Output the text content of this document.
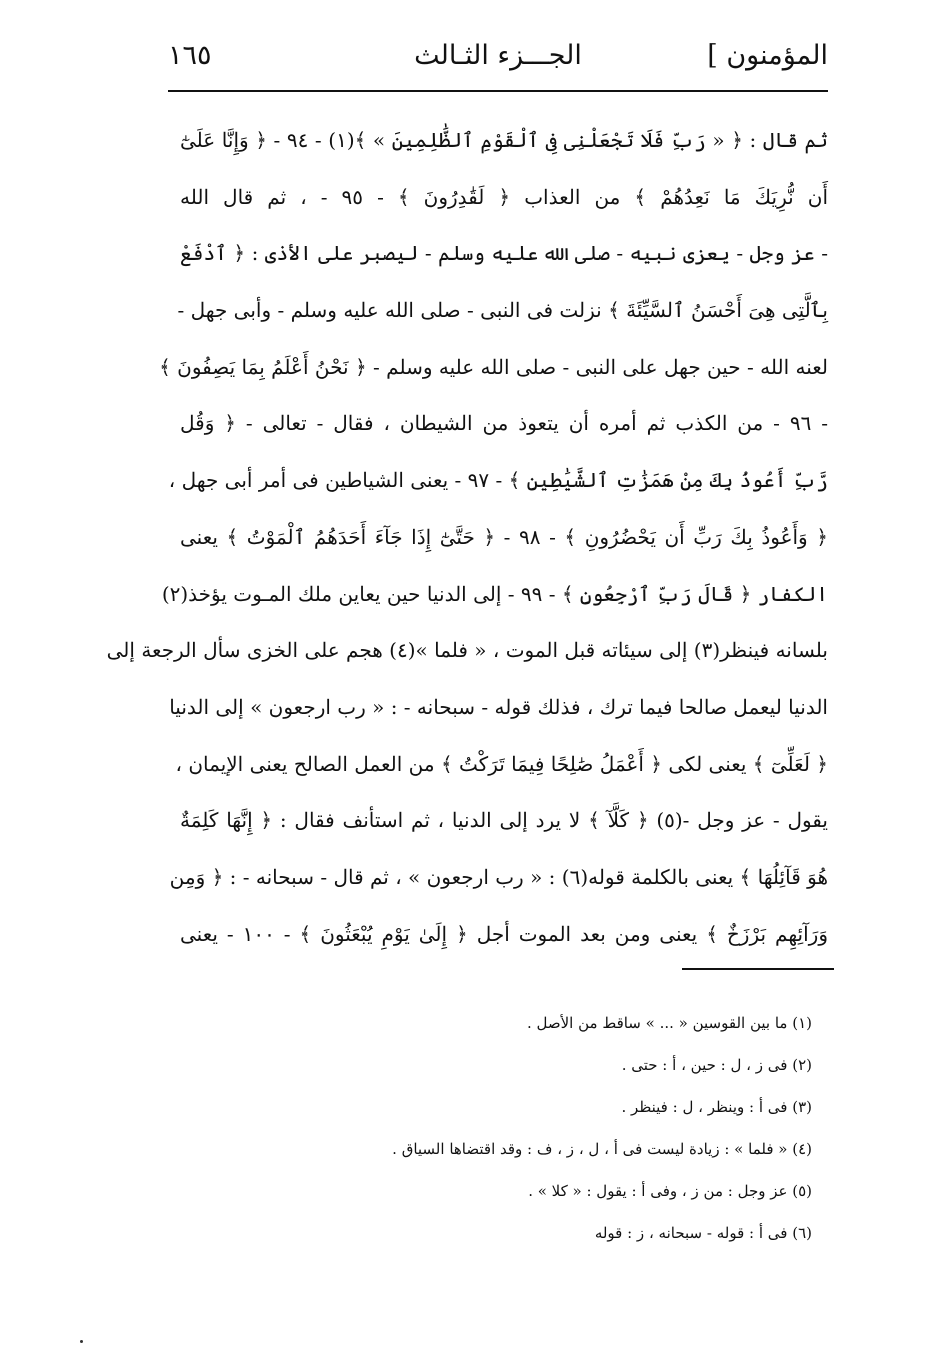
المؤمنون ]
الجـــزء الثـالث
١٦٥
ثم قال : ﴿ « رَبِّ فَلَا تَجْعَلْنِى فِى ٱلْقَوْمِ ٱلظَّٰلِمِينَ » ﴾(١) - ٩٤ - ﴿ وَإِنَّا عَلَىٰٓ
أَن نُّرِيَكَ مَا نَعِدُهُمْ ﴾ من العذاب ﴿ لَقَٰدِرُونَ ﴾ - ٩٥ - ، ثم قال الله
- عز وجل - يعزى نبيه - صلى الله عليه وسلم - ليصبر على الأذى : ﴿ ٱدْفَعْ
بِٱلَّتِى هِىَ أَحْسَنُ ٱلسَّيِّئَةَ ﴾ نزلت فى النبى - صلى الله عليه وسلم - وأبى جهل -
لعنه الله - حين جهل على النبى - صلى الله عليه وسلم - ﴿ نَحْنُ أَعْلَمُ بِمَا يَصِفُونَ ﴾
- ٩٦ - من الكذب ثم أمره أن يتعوذ من الشيطان ، فقال - تعالى - ﴿ وَقُل
رَّبِّ أَعُوذُ بِكَ مِنْ هَمَزَٰتِ ٱلشَّيَٰطِينِ ﴾ - ٩٧ - يعنى الشياطين فى أمر أبى جهل ،
﴿ وَأَعُوذُ بِكَ رَبِّ أَن يَحْضُرُونِ ﴾ - ٩٨ - ﴿ حَتَّىٰٓ إِذَا جَآءَ أَحَدَهُمُ ٱلْمَوْتُ ﴾ يعنى
الكفار ﴿ قَالَ رَبِّ ٱرْجِعُونِ ﴾ - ٩٩ - إلى الدنيا حين يعاين ملك المـوت يؤخذ(٢)
بلسانه فينظر(٣) إلى سيئاته قبل الموت ، « فلما »(٤) هجم على الخزى سأل الرجعة إلى
الدنيا ليعمل صالحا فيما ترك ، فذلك قوله - سبحانه - : « رب ارجعون » إلى الدنيا
﴿ لَعَلِّىٓ ﴾ يعنى لكى ﴿ أَعْمَلُ صَٰلِحًا فِيمَا تَرَكْتُ ﴾ من العمل الصالح يعنى الإيمان ،
يقول - عز وجل -(٥) ﴿ كَلَّآ ﴾ لا يرد إلى الدنيا ، ثم استأنف فقال : ﴿ إِنَّهَا كَلِمَةٌ
هُوَ قَآئِلُهَا ﴾ يعنى بالكلمة قوله(٦) : « رب ارجعون » ، ثم قال - سبحانه - : ﴿ وَمِن
وَرَآئِهِم بَرْزَخٌ ﴾ يعنى ومن بعد الموت أجل ﴿ إِلَىٰ يَوْمِ يُبْعَثُونَ ﴾ - ١٠٠ - يعنى
(١) ما بين القوسين « ... » ساقط من الأصل .
(٢) فى ز ، ل : حين ، أ : حتى .
(٣) فى أ : وينظر ، ل : فينظر .
(٤) « فلما » : زيادة ليست فى أ ، ل ، ز ، ف : وقد اقتضاها السياق .
(٥) عز وجل : من ز ، وفى أ : يقول : « كلا » .
(٦) فى أ : قوله - سبحانه ، ز : قوله
